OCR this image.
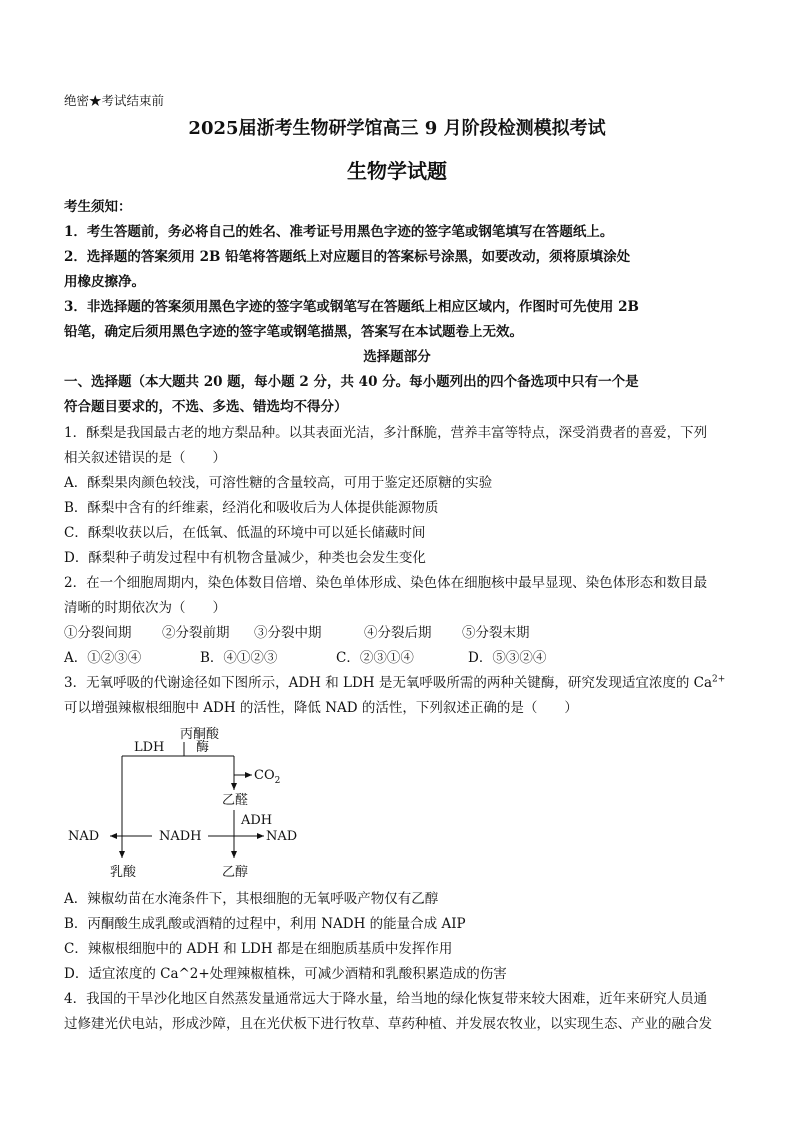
绝密★考试结束前
2025届浙考生物研学馆高三 9 月阶段检测模拟考试
生物学试题
考生须知：
1．考生答题前，务必将自己的姓名、准考证号用黑色字迹的签字笔或钢笔填写在答题纸上。
2．选择题的答案须用 2B 铅笔将答题纸上对应题目的答案标号涂黑，如要改动，须将原填涂处
用橡皮擦净。
3．非选择题的答案须用黑色字迹的签字笔或钢笔写在答题纸上相应区域内，作图时可先使用 2B
铅笔，确定后须用黑色字迹的签字笔或钢笔描黑，答案写在本试题卷上无效。
选择题部分
一、选择题（本大题共 20 题，每小题 2 分，共 40 分。每小题列出的四个备选项中只有一个是
符合题目要求的，不选、多选、错选均不得分）
1．酥梨是我国最古老的地方梨品种。以其表面光洁，多汁酥脆，营养丰富等特点，深受消费者的喜爱，下列
相关叙述错误的是（　　）
A．酥梨果肉颜色较浅，可溶性糖的含量较高，可用于鉴定还原糖的实验
B．酥梨中含有的纤维素，经消化和吸收后为人体提供能源物质
C．酥梨收获以后，在低氧、低温的环境中可以延长储藏时间
D．酥梨种子萌发过程中有机物含量减少，种类也会发生变化
2．在一个细胞周期内，染色体数目倍增、染色单体形成、染色体在细胞核中最早显现、染色体形态和数目最
清晰的时期依次为（　　）
①分裂间期 ②分裂前期 ③分裂中期	④分裂后期 ⑤分裂末期
A．①②③④	B．④①②③	C．②③①④	D．⑤③②④
3．无氧呼吸的代谢途径如下图所示，ADH 和 LDH 是无氧呼吸所需的两种关键酶，研究发现适宜浓度的 $Ca^{2+}$
可以增强辣椒根细胞中 ADH 的活性，降低 NAD 的活性，下列叙述正确的是（　　）
丙酮酸
LDH 酶
$CO_2$
乙醛
ADH
NAD	NADH	NAD
乳酸	乙醇
A．辣椒幼苗在水淹条件下，其根细胞的无氧呼吸产物仅有乙醇
B．丙酮酸生成乳酸或酒精的过程中，利用 NADH 的能量合成 AIP
C．辣椒根细胞中的 ADH 和 LDH 都是在细胞质基质中发挥作用
D．适宜浓度的 Ca^2+处理辣椒植株，可减少酒精和乳酸积累造成的伤害
4．我国的干旱沙化地区自然蒸发量通常远大于降水量，给当地的绿化恢复带来较大困难，近年来研究人员通
过修建光伏电站，形成沙障，且在光伏板下进行牧草、草药种植、并发展农牧业，以实现生态、产业的融合发
